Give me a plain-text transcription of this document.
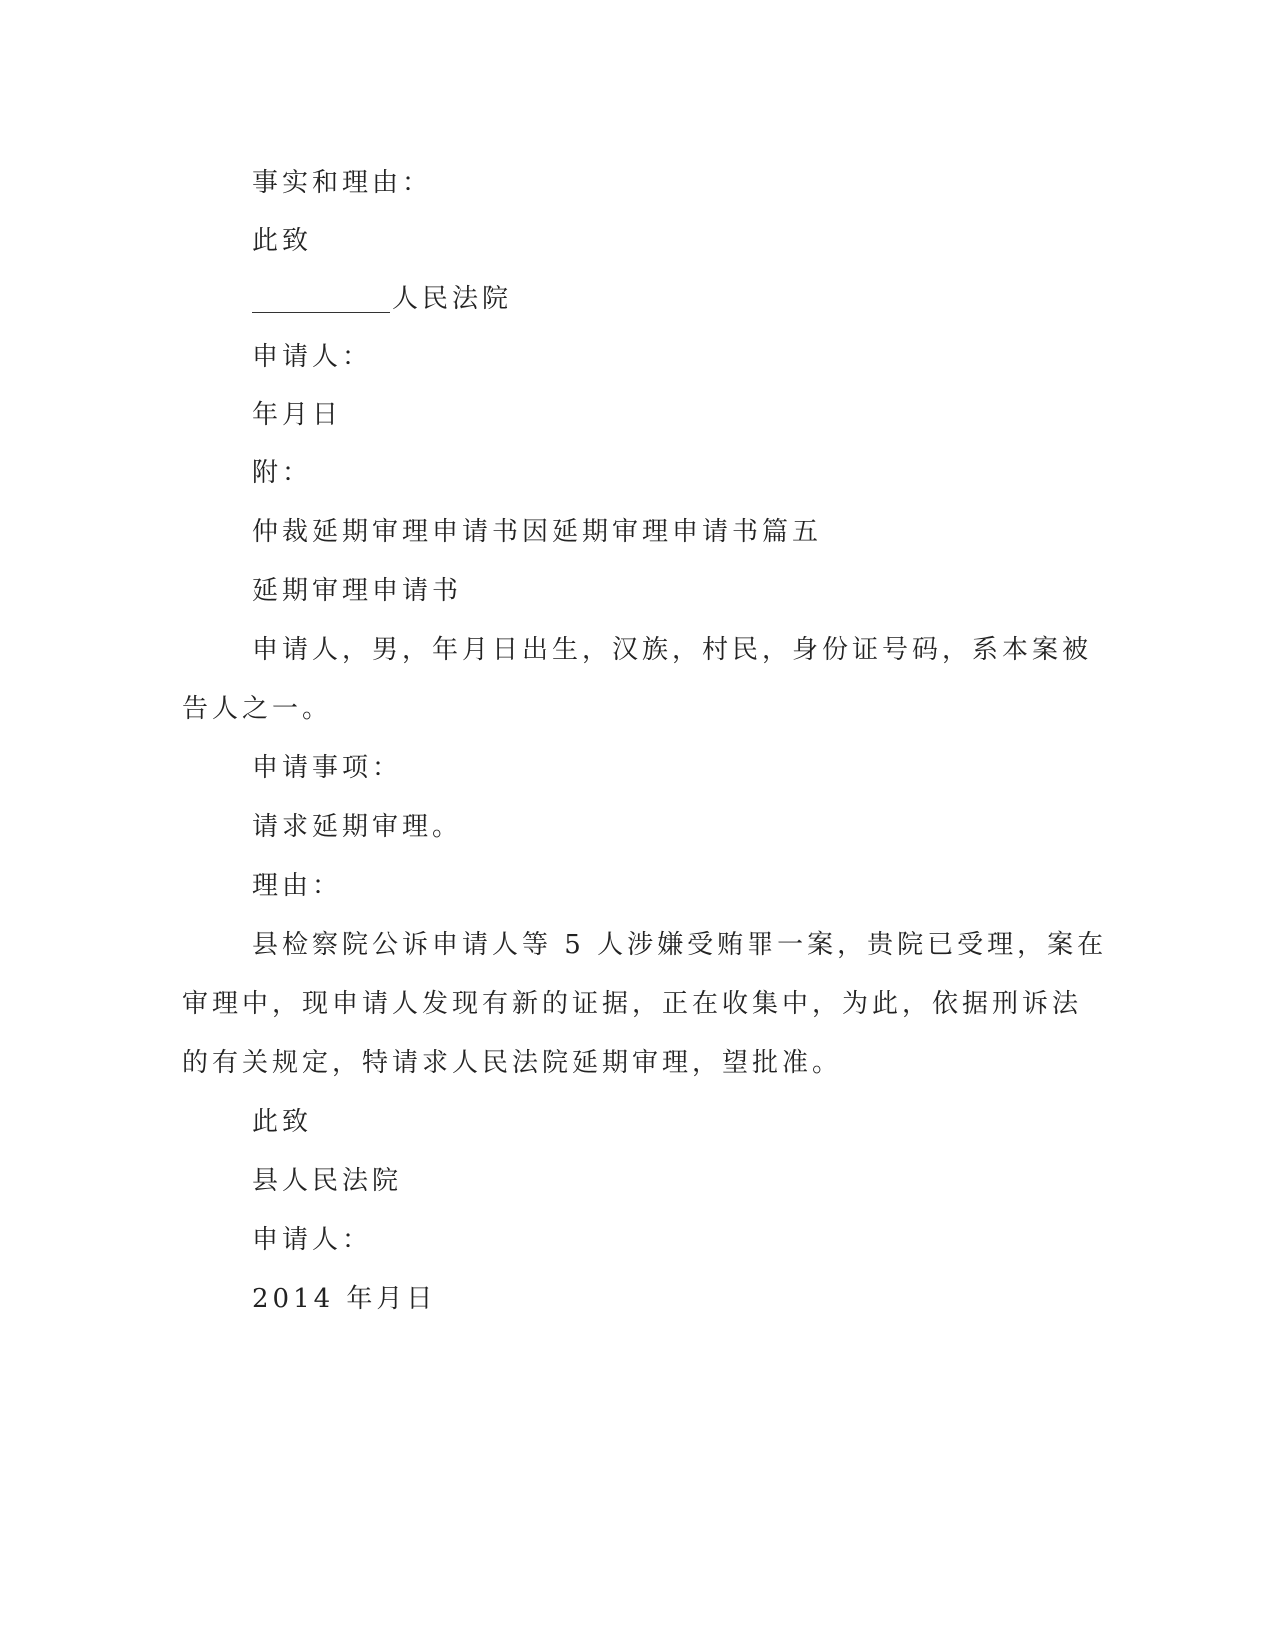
事实和理由：
此致
人民法院
申请人：
年月日
附：
仲裁延期审理申请书因延期审理申请书篇五
延期审理申请书
申请人，男，年月日出生，汉族，村民，身份证号码，系本案被
告人之一。
申请事项：
请求延期审理。
理由：
县检察院公诉申请人等 5 人涉嫌受贿罪一案，贵院已受理，案在
审理中，现申请人发现有新的证据，正在收集中，为此，依据刑诉法
的有关规定，特请求人民法院延期审理，望批准。
此致
县人民法院
申请人：
2014 年月日
